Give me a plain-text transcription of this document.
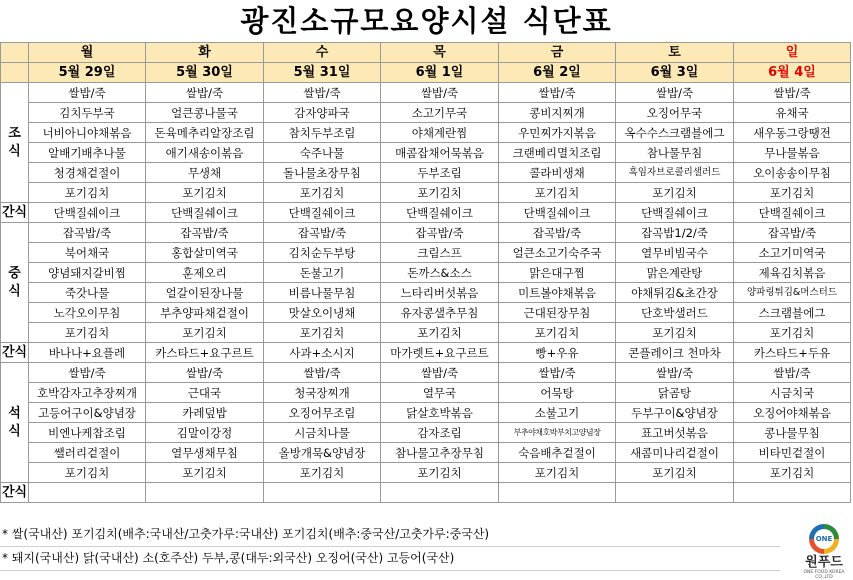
광진소규모요양시설 식단표
	월	화	수	목	금	토	일
	5월 29일	5월 30일	5월 31일	6월 1일	6월 2일	6월 3일	6월 4일

조
식	쌀밥/죽	쌀밥/죽	쌀밥/죽	쌀밥/죽	쌀밥/죽	쌀밥/죽	쌀밥/죽
	김치두부국	얼큰콩나물국	감자양파국	소고기무국	콩비지찌개	오징어무국	유채국
	너비아니야채볶음	돈육메추리알장조림	참치두부조림	야채계란찜	우민찌가지볶음	옥수수스크램블에그	새우동그랑땡전
	알배기배추나물	애기새송이볶음	숙주나물	매콤잡채어묵볶음	크랜베리멸치조림	참나물무침	무나물볶음
	청경채겉절이	무생채	돌나물초장무침	두부조림	콜라비생채	흑임자브로콜리샐러드	오이송송이무침
	포기김치	포기김치	포기김치	포기김치	포기김치	포기김치	포기김치
간식	단백질쉐이크	단백질쉐이크	단백질쉐이크	단백질쉐이크	단백질쉐이크	단백질쉐이크	단백질쉐이크

중
식	잡곡밥/죽	잡곡밥/죽	잡곡밥/죽	잡곡밥/죽	잡곡밥/죽	잡곡밥1/2/죽	잡곡밥/죽
	북어채국	홍합살미역국	김치순두부탕	크림스프	얼큰소고기숙주국	열무비빔국수	소고기미역국
	양념돼지갈비찜	훈제오리	돈불고기	돈까스&소스	맑은대구찜	맑은계란탕	제육김치볶음
	죽갓나물	얼갈이된장나물	비름나물무침	느타리버섯볶음	미트볼야채볶음	야채튀김&초간장	양파링튀김&머스터드
	노각오이무침	부추양파채겉절이	맛살오이냉채	유자콩샐추무침	근대된장무침	단호박샐러드	스크램블에그
	포기김치	포기김치	포기김치	포기김치	포기김치	포기김치	포기김치
간식	바나나+요플레	카스타드+요구르트	사과+소시지	마가렛트+요구르트	빵+우유	콘플레이크 천마차	카스타드+두유

석
식	쌀밥/죽	쌀밥/죽	쌀밥/죽	쌀밥/죽	쌀밥/죽	쌀밥/죽	쌀밥/죽
	호박감자고추장찌개	근대국	청국장찌개	열무국	어묵탕	닭곰탕	시금치국
	고등어구이&양념장	카레덮밥	오징어무조림	닭살호박볶음	소불고기	두부구이&양념장	오징어야채볶음
	비엔나케찹조림	김말이강정	시금치나물	감자조림	부추야채호박부치고양념장	표고버섯볶음	콩나물무침
	쌜러리겉절이	열무생채무침	올방개묵&양념장	참나물고추장무침	숙음배추겉절이	새콤미나리겉절이	비타민겉절이
	포기김치	포기김치	포기김치	포기김치	포기김치	포기김치	포기김치
간식							
* 쌀(국내산) 포기김치(배추:국내산/고춧가루:국내산) 포기김치(배추:중국산/고춧가루:중국산)
* 돼지(국내산) 닭(국내산) 소(호주산) 두부,콩(대두:외국산) 오징어(국산) 고등어(국산)
ONE
원푸드
ONE FOOD KOREA CO.,LTD
